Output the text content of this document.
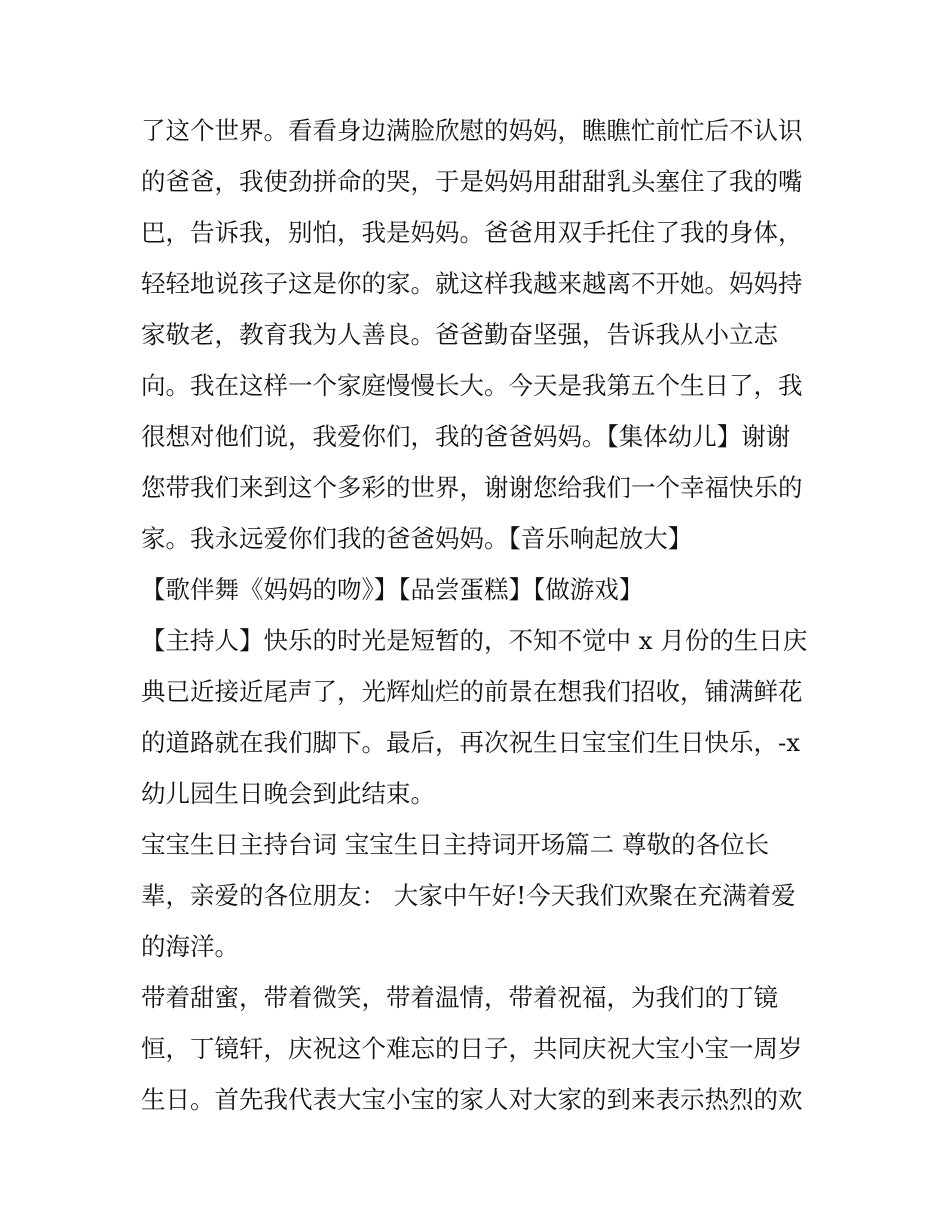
了这个世界。看看身边满脸欣慰的妈妈，瞧瞧忙前忙后不认识
的爸爸，我使劲拼命的哭，于是妈妈用甜甜乳头塞住了我的嘴
巴，告诉我，别怕，我是妈妈。爸爸用双手托住了我的身体，
轻轻地说孩子这是你的家。就这样我越来越离不开她。妈妈持
家敬老，教育我为人善良。爸爸勤奋坚强，告诉我从小立志
向。我在这样一个家庭慢慢长大。今天是我第五个生日了，我
很想对他们说，我爱你们，我的爸爸妈妈。【集体幼儿】谢谢
您带我们来到这个多彩的世界，谢谢您给我们一个幸福快乐的
家。我永远爱你们我的爸爸妈妈。【音乐响起放大】
【歌伴舞《妈妈的吻》】【品尝蛋糕】【做游戏】
【主持人】快乐的时光是短暂的，不知不觉中 x 月份的生日庆
典已近接近尾声了，光辉灿烂的前景在想我们招收，铺满鲜花
的道路就在我们脚下。最后，再次祝生日宝宝们生日快乐，-x
幼儿园生日晚会到此结束。
宝宝生日主持台词 宝宝生日主持词开场篇二 尊敬的各位长
辈，亲爱的各位朋友： 大家中午好!今天我们欢聚在充满着爱
的海洋。
带着甜蜜，带着微笑，带着温情，带着祝福，为我们的丁镜
恒，丁镜轩，庆祝这个难忘的日子，共同庆祝大宝小宝一周岁
生日。首先我代表大宝小宝的家人对大家的到来表示热烈的欢
